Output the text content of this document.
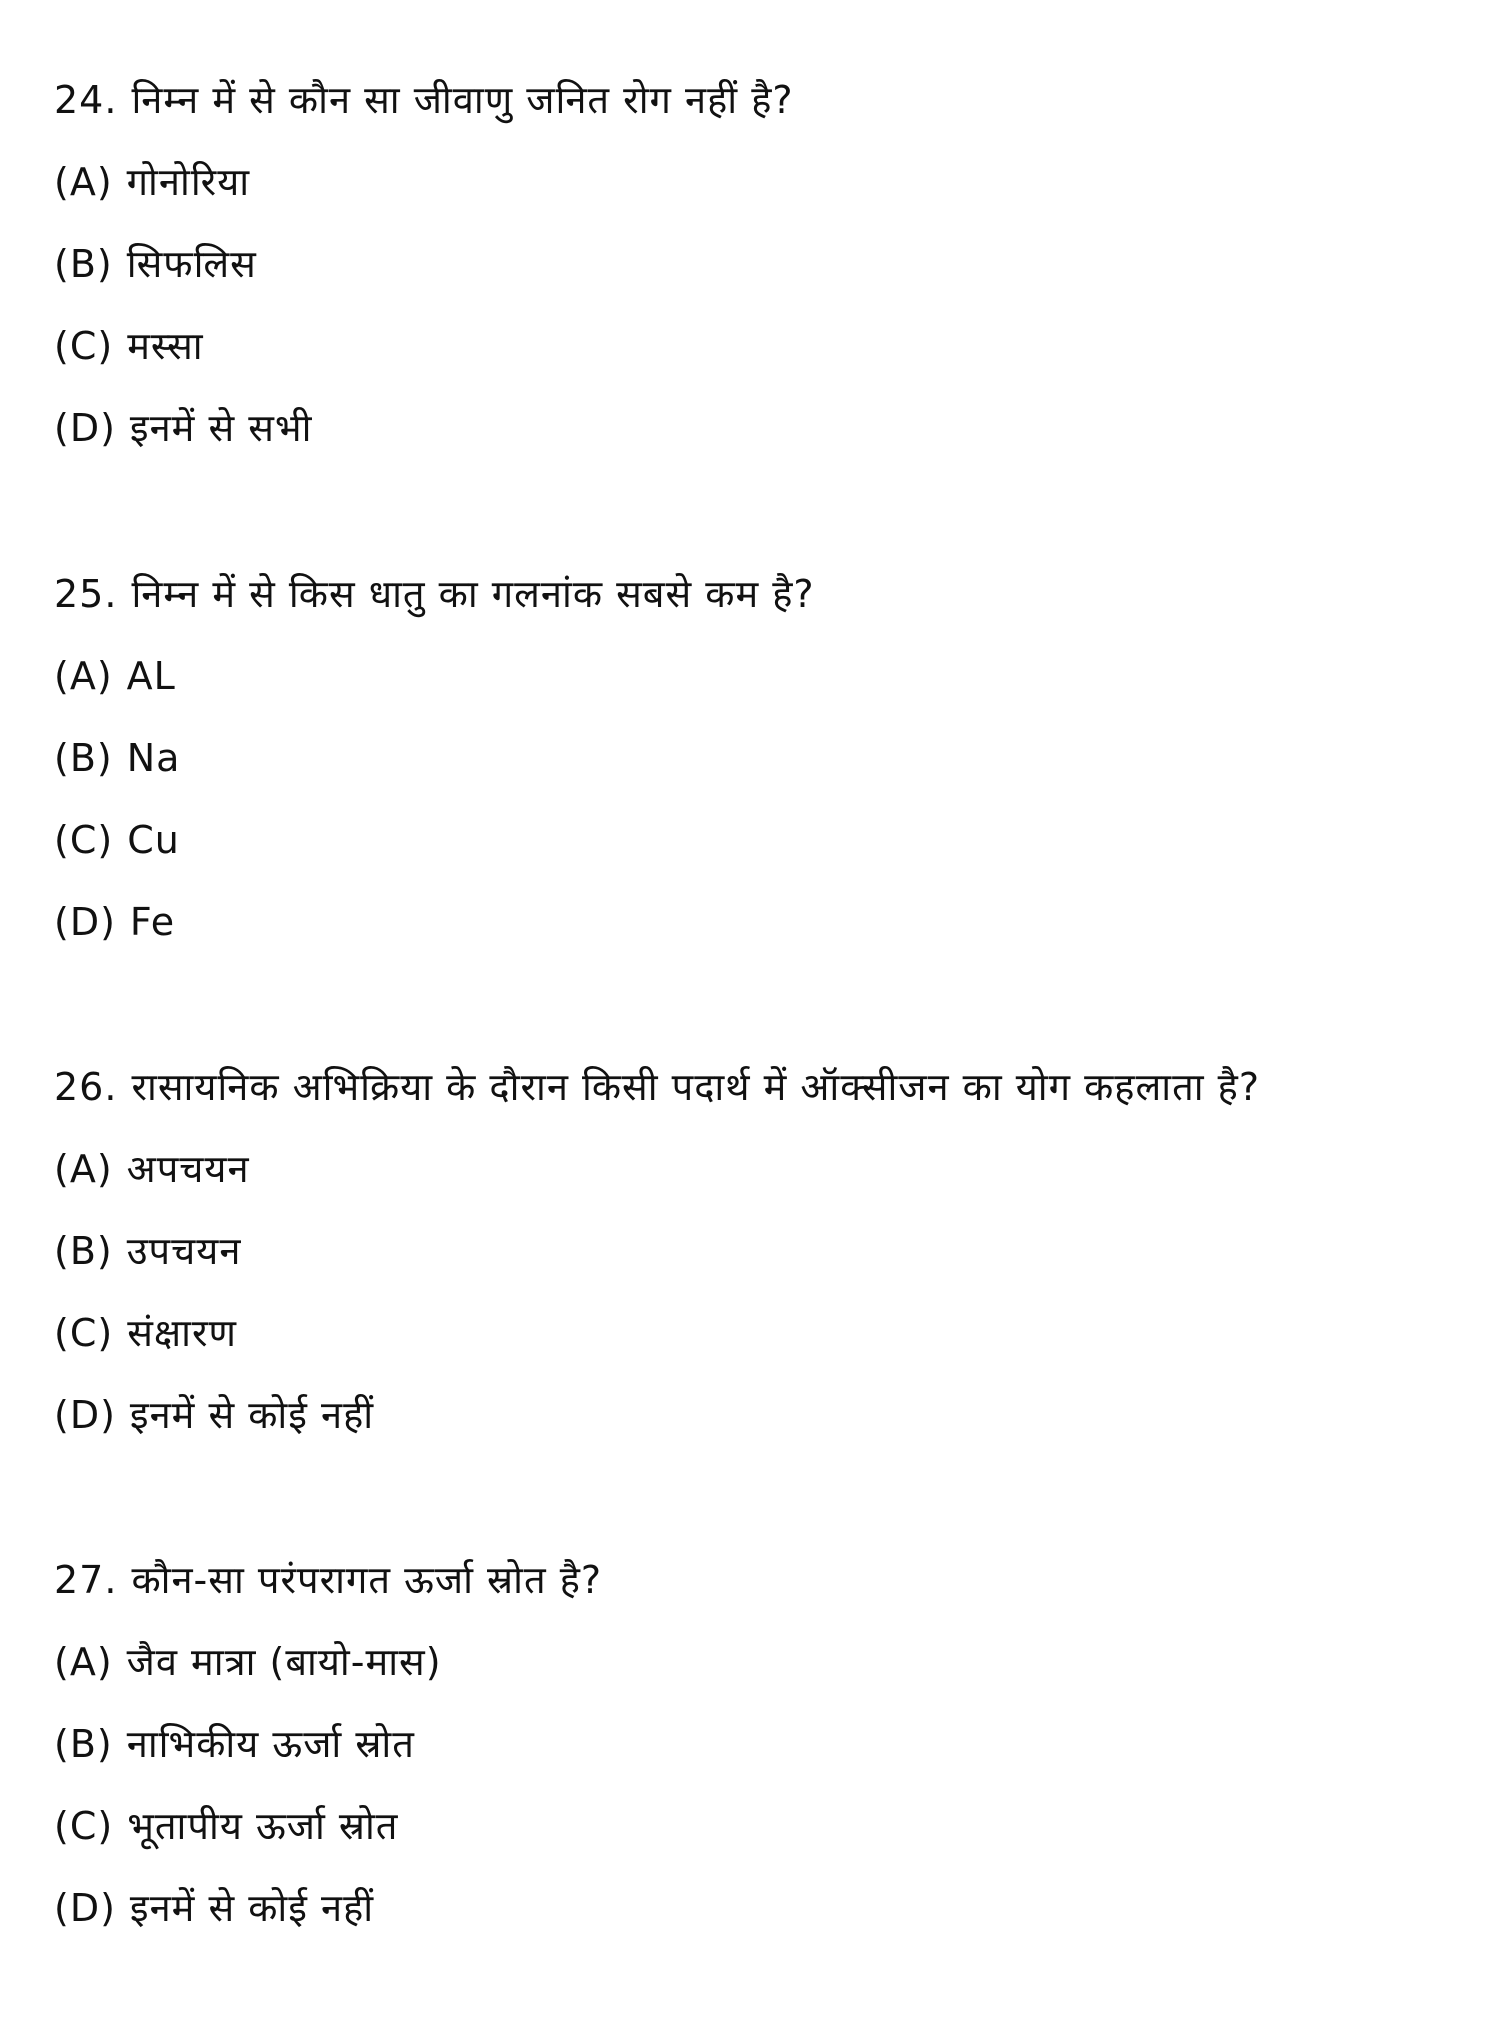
24. निम्न में से कौन सा जीवाणु जनित रोग नहीं है?
(A) गोनोरिया
(B) सिफलिस
(C) मस्सा
(D) इनमें से सभी
25. निम्न में से किस धातु का गलनांक सबसे कम है?
(A) AL
(B) Na
(C) Cu
(D) Fe
26. रासायनिक अभिक्रिया के दौरान किसी पदार्थ में ऑक्सीजन का योग कहलाता है?
(A) अपचयन
(B) उपचयन
(C) संक्षारण
(D) इनमें से कोई नहीं
27. कौन-सा परंपरागत ऊर्जा स्रोत है?
(A) जैव मात्रा (बायो-मास)
(B) नाभिकीय ऊर्जा स्रोत
(C) भूतापीय ऊर्जा स्रोत
(D) इनमें से कोई नहीं
